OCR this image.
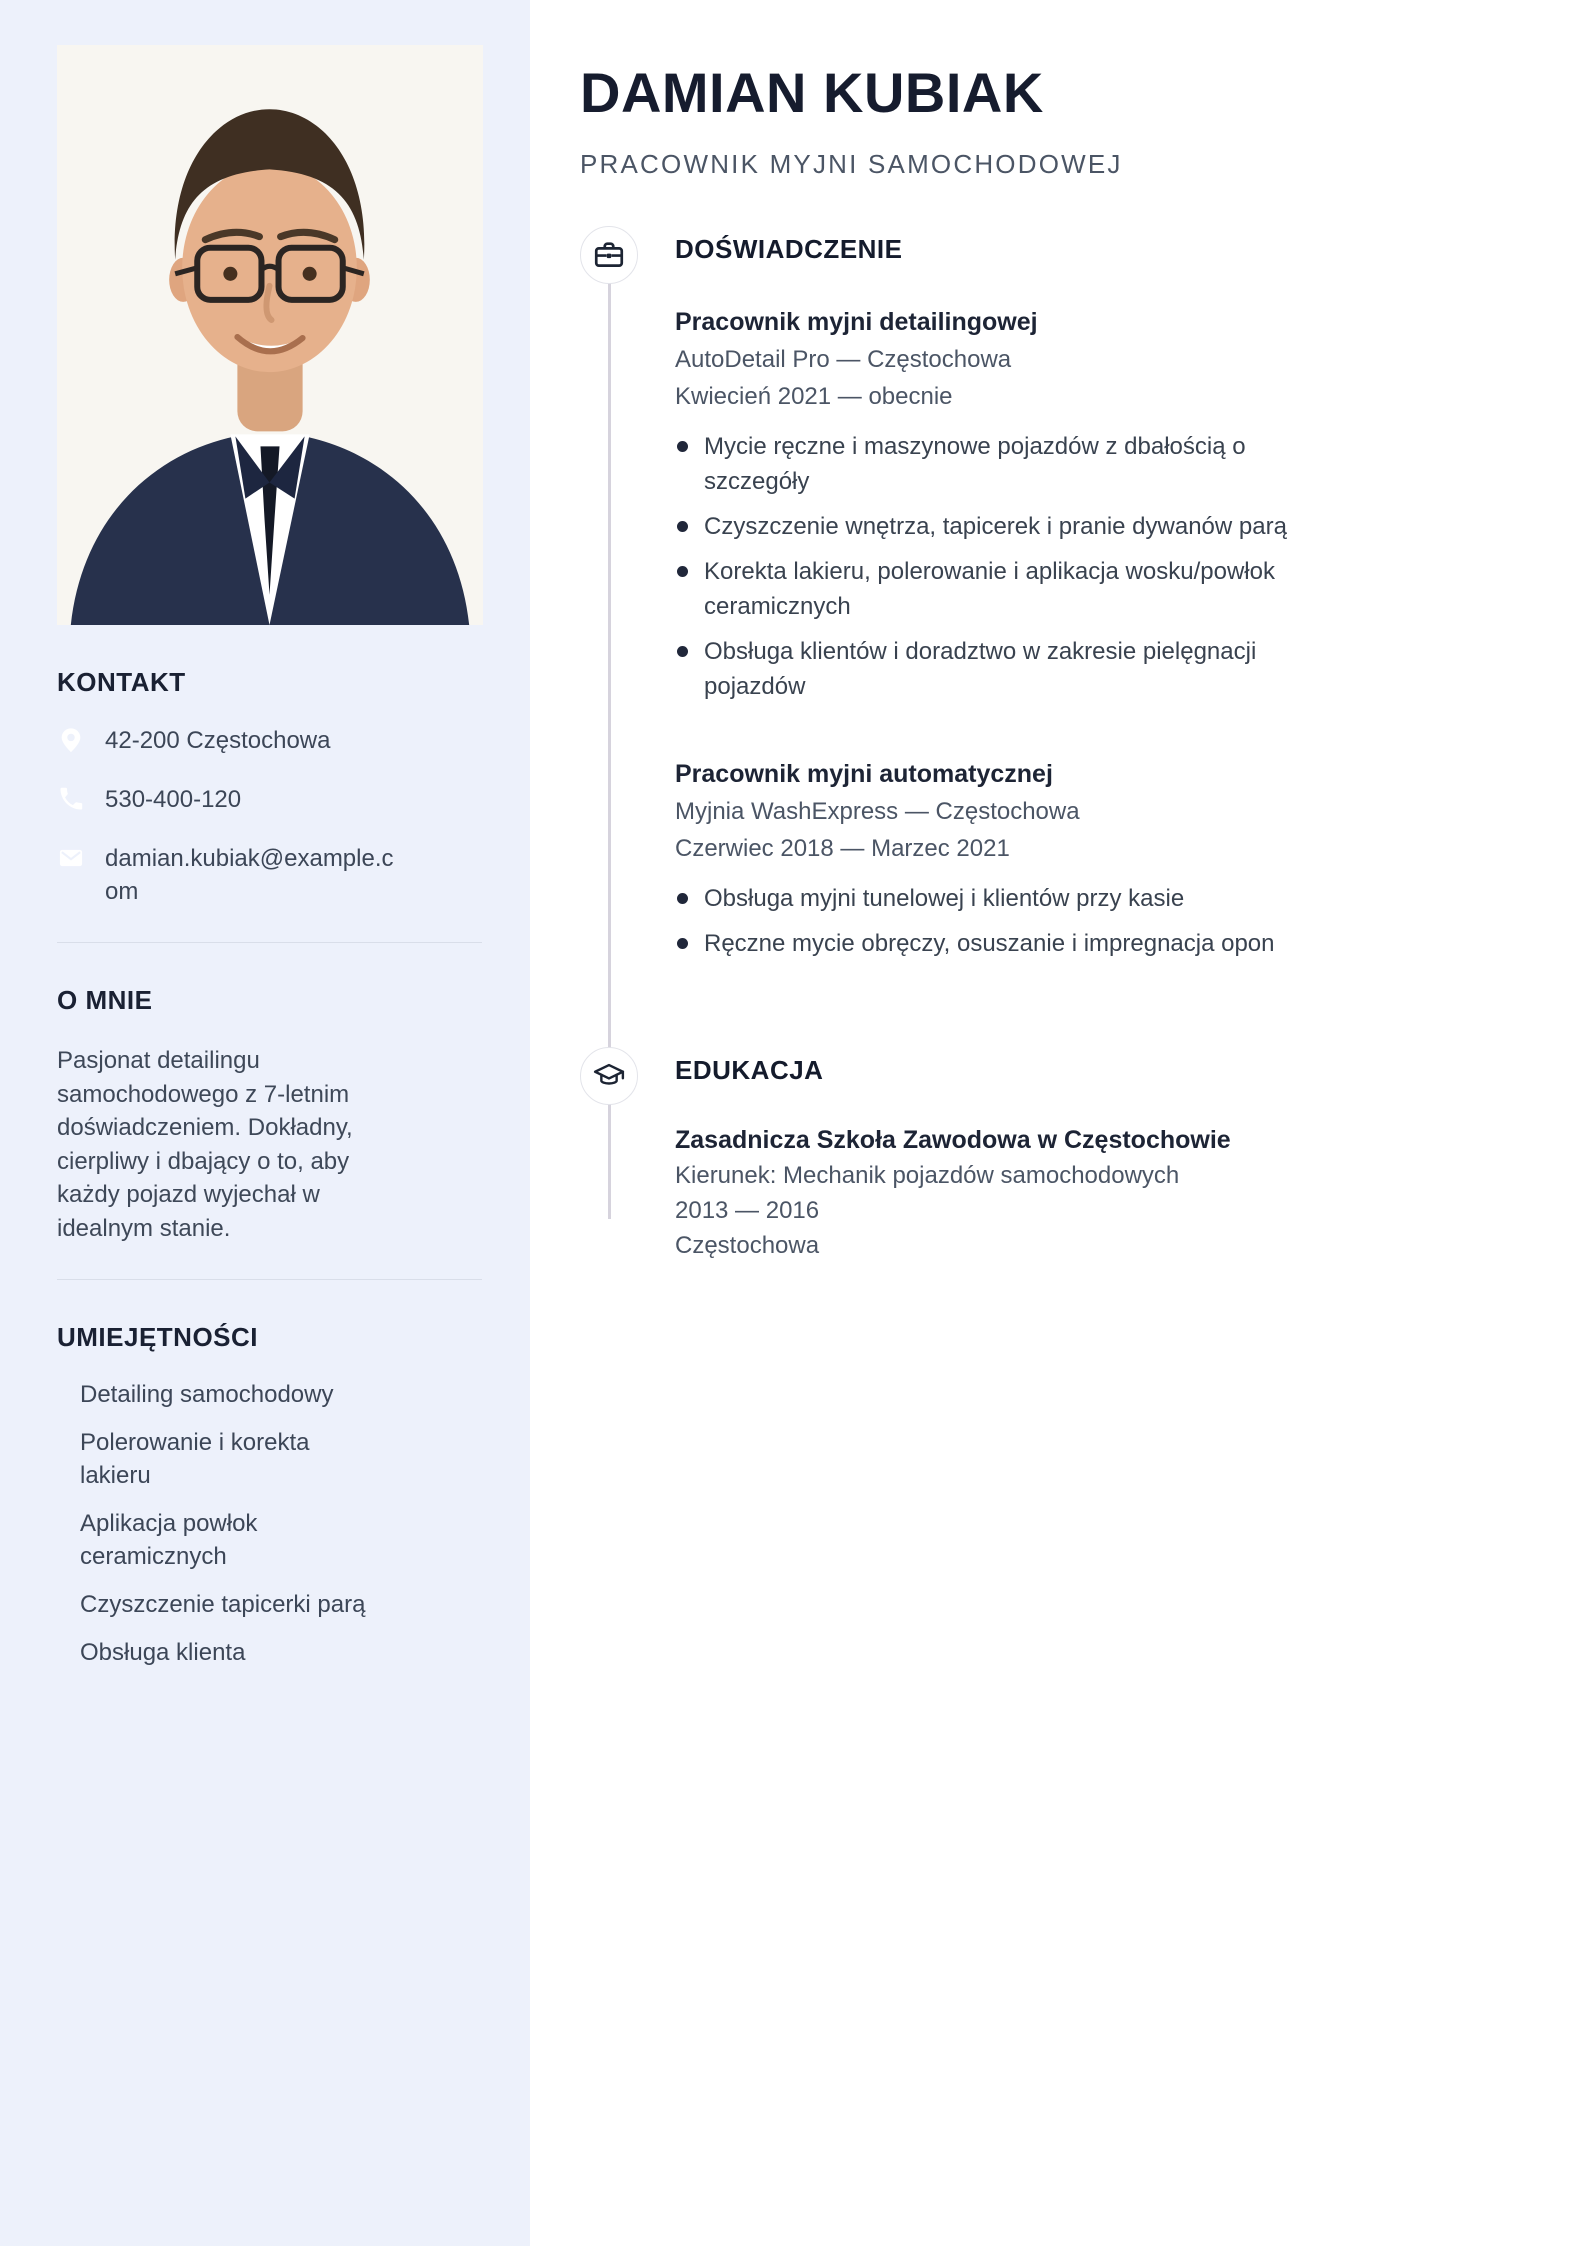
KONTAKT
42-200 Częstochowa
530-400-120
damian.kubiak@example.com
O MNIE

Pasjonat detailingu samochodowego z 7-letnim doświadczeniem. Dokładny, cierpliwy i dbający o to, aby każdy pojazd wyjechał w idealnym stanie.

UMIEJĘTNOŚCI
Detailing samochodowy
Polerowanie i korekta lakieru
Aplikacja powłok ceramicznych
Czyszczenie tapicerki parą
Obsługa klienta
DAMIAN KUBIAK
PRACOWNIK MYJNI SAMOCHODOWEJ
DOŚWIADCZENIE
Pracownik myjni detailingowej
AutoDetail Pro — Częstochowa
Kwiecień 2021 — obecnie
Mycie ręczne i maszynowe pojazdów z dbałością o szczegóły
Czyszczenie wnętrza, tapicerek i pranie dywanów parą
Korekta lakieru, polerowanie i aplikacja wosku/powłok ceramicznych
Obsługa klientów i doradztwo w zakresie pielęgnacji pojazdów
Pracownik myjni automatycznej
Myjnia WashExpress — Częstochowa
Czerwiec 2018 — Marzec 2021
Obsługa myjni tunelowej i klientów przy kasie
Ręczne mycie obręczy, osuszanie i impregnacja opon
EDUKACJA
Zasadnicza Szkoła Zawodowa w Częstochowie
Kierunek: Mechanik pojazdów samochodowych
2013 — 2016
Częstochowa
